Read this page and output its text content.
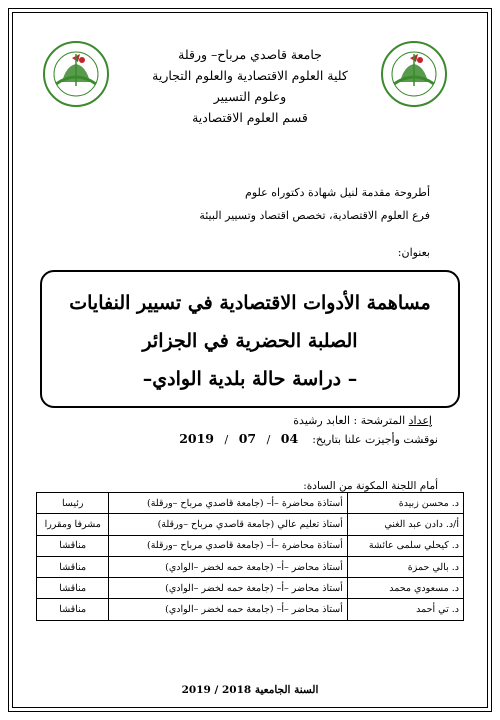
جامعة قاصدي مرباح– ورقلة
كلية العلوم الاقتصادية والعلوم التجارية
وعلوم التسيير
قسم العلوم الاقتصادية
أطروحة مقدمة لنيل شهادة دكتوراه علوم
فرع العلوم الاقتصادية، تخصص اقتصاد وتسيير البيئة
بعنوان:
مساهمة الأدوات الاقتصادية في تسيير النفايات
الصلبة الحضرية في الجزائر
– دراسة حالة بلدية الوادي–
إعداد المترشحة : العابد رشيدة
نوقشت وأجيزت علنا بتاريخ:    04   /   07   /   2019
أمام اللجنة المكونة من السادة:
د. محسن زبيدة	أستاذة محاضرة –أ– (جامعة قاصدي مرباح –ورقلة)	رئيسا
أ/د. دادن عبد الغني	أستاذ تعليم عالي (جامعة قاصدي مرباح –ورقلة)	مشرفا ومقررا
د. كيحلي سلمى عائشة	أستاذة محاضرة –أ– (جامعة قاصدي مرباح –ورقلة)	مناقشا
د. بالي حمزة	أستاذ محاضر –أ– (جامعة حمه لخضر –الوادي)	مناقشا
د. مسعودي محمد	أستاذ محاضر –أ– (جامعة حمه لخضر –الوادي)	مناقشا
د. تي أحمد	أستاذ محاضر –أ– (جامعة حمه لخضر –الوادي)	مناقشا
السنة الجامعية 2018 / 2019
